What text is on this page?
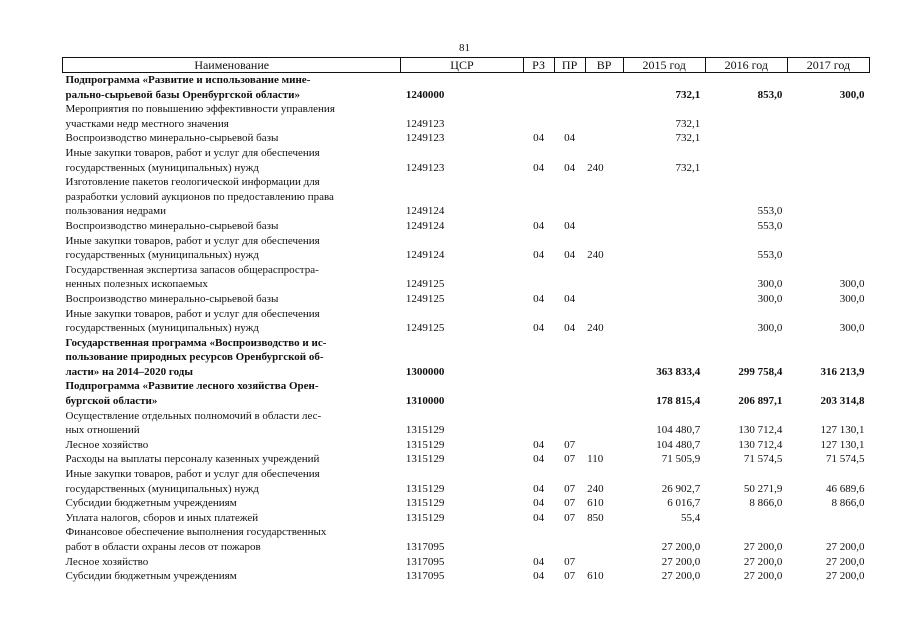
81
Наименование	ЦСР	РЗ	ПР	ВР	2015 год	2016 год	2017 год
Подпрограмма «Развитие и использование мине-
рально-сырьевой базы Оренбургской области»	1240000				732,1	853,0	300,0
Мероприятия по повышению эффективности управления
участками недр местного значения	1249123				732,1		
Воспроизводство минерально-сырьевой базы	1249123	04	04		732,1		
Иные закупки товаров, работ и услуг для обеспечения
государственных (муниципальных) нужд	1249123	04	04	240	732,1		
Изготовление пакетов геологической информации для
разработки условий аукционов по предоставлению права
пользования недрами	1249124					553,0	
Воспроизводство минерально-сырьевой базы	1249124	04	04			553,0	
Иные закупки товаров, работ и услуг для обеспечения
государственных (муниципальных) нужд	1249124	04	04	240		553,0	
Государственная экспертиза запасов общераспростра-
ненных полезных ископаемых	1249125					300,0	300,0
Воспроизводство минерально-сырьевой базы	1249125	04	04			300,0	300,0
Иные закупки товаров, работ и услуг для обеспечения
государственных (муниципальных) нужд	1249125	04	04	240		300,0	300,0
Государственная программа «Воспроизводство и ис-
пользование природных ресурсов Оренбургской об-
ласти» на 2014–2020 годы	1300000				363 833,4	299 758,4	316 213,9
Подпрограмма «Развитие лесного хозяйства Орен-
бургской области»	1310000				178 815,4	206 897,1	203 314,8
Осуществление отдельных полномочий в области лес-
ных отношений	1315129				104 480,7	130 712,4	127 130,1
Лесное хозяйство	1315129	04	07		104 480,7	130 712,4	127 130,1
Расходы на выплаты персоналу казенных учреждений	1315129	04	07	110	71 505,9	71 574,5	71 574,5
Иные закупки товаров, работ и услуг для обеспечения
государственных (муниципальных) нужд	1315129	04	07	240	26 902,7	50 271,9	46 689,6
Субсидии бюджетным учреждениям	1315129	04	07	610	6 016,7	8 866,0	8 866,0
Уплата налогов, сборов и иных платежей	1315129	04	07	850	55,4		
Финансовое обеспечение выполнения государственных
работ в области охраны лесов от пожаров	1317095				27 200,0	27 200,0	27 200,0
Лесное хозяйство	1317095	04	07		27 200,0	27 200,0	27 200,0
Субсидии бюджетным учреждениям	1317095	04	07	610	27 200,0	27 200,0	27 200,0
